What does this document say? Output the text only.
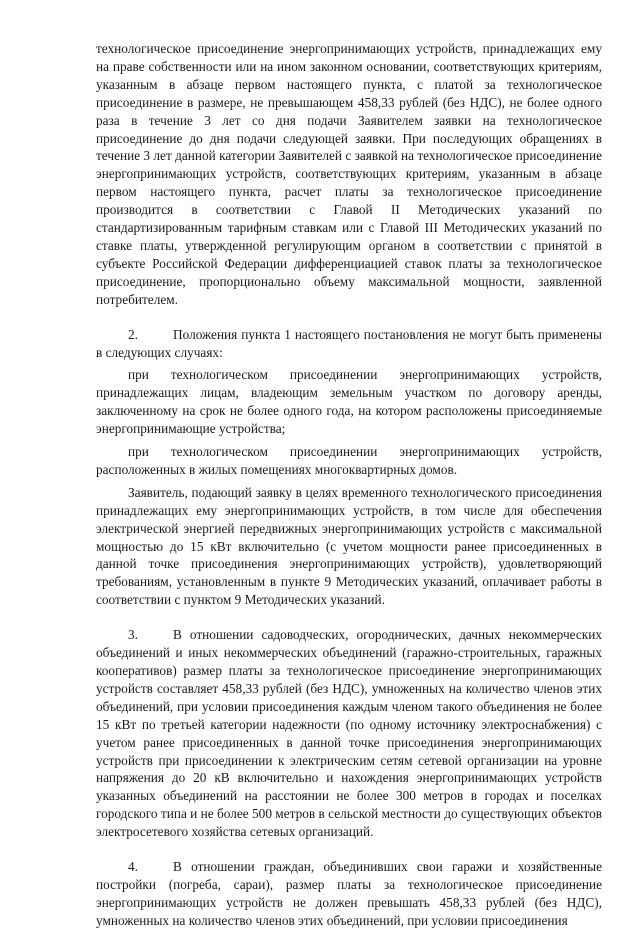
технологическое присоединение энергопринимающих устройств, принадлежащих ему на праве собственности или на ином законном основании, соответствующих критериям, указанным в абзаце первом настоящего пункта, с платой за технологическое присоединение в размере, не превышающем 458,33 рублей (без НДС), не более одного раза в течение 3 лет со дня подачи Заявителем заявки на технологическое присоединение до дня подачи следующей заявки. При последующих обращениях в течение 3 лет данной категории Заявителей с заявкой на технологическое присоединение энергопринимающих устройств, соответствующих критериям, указанным в абзаце первом настоящего пункта, расчет платы за технологическое присоединение производится в соответствии с Главой II Методических указаний по стандартизированным тарифным ставкам или с Главой III Методических указаний по ставке платы, утвержденной регулирующим органом в соответствии с принятой в субъекте Российской Федерации дифференциацией ставок платы за технологическое присоединение, пропорционально объему максимальной мощности, заявленной потребителем.

2.	Положения пункта 1 настоящего постановления не могут быть применены в следующих случаях:

при технологическом присоединении энергопринимающих устройств, принадлежащих лицам, владеющим земельным участком по договору аренды, заключенному на срок не более одного года, на котором расположены присоединяемые энергопринимающие устройства;

при технологическом присоединении энергопринимающих устройств, расположенных в жилых помещениях многоквартирных домов.

Заявитель, подающий заявку в целях временного технологического присоединения принадлежащих ему энергопринимающих устройств, в том числе для обеспечения электрической энергией передвижных энергопринимающих устройств с максимальной мощностью до 15 кВт включительно (с учетом мощности ранее присоединенных в данной точке присоединения энергопринимающих устройств), удовлетворяющий требованиям, установленным в пункте 9 Методических указаний, оплачивает работы в соответствии с пунктом 9 Методических указаний.

3.	В отношении садоводческих, огороднических, дачных некоммерческих объединений и иных некоммерческих объединений (гаражно-строительных, гаражных кооперативов) размер платы за технологическое присоединение энергопринимающих устройств составляет 458,33 рублей (без НДС), умноженных на количество членов этих объединений, при условии присоединения каждым членом такого объединения не более 15 кВт по третьей категории надежности (по одному источнику электроснабжения) с учетом ранее присоединенных в данной точке присоединения энергопринимающих устройств при присоединении к электрическим сетям сетевой организации на уровне напряжения до 20 кВ включительно и нахождения энергопринимающих устройств указанных объединений на расстоянии не более 300 метров в городах и поселках городского типа и не более 500 метров в сельской местности до существующих объектов электросетевого хозяйства сетевых организаций.

4.	В отношении граждан, объединивших свои гаражи и хозяйственные постройки (погреба, сараи), размер платы за технологическое присоединение энергопринимающих устройств не должен превышать 458,33 рублей (без НДС), умноженных на количество членов этих объединений, при условии присоединения
